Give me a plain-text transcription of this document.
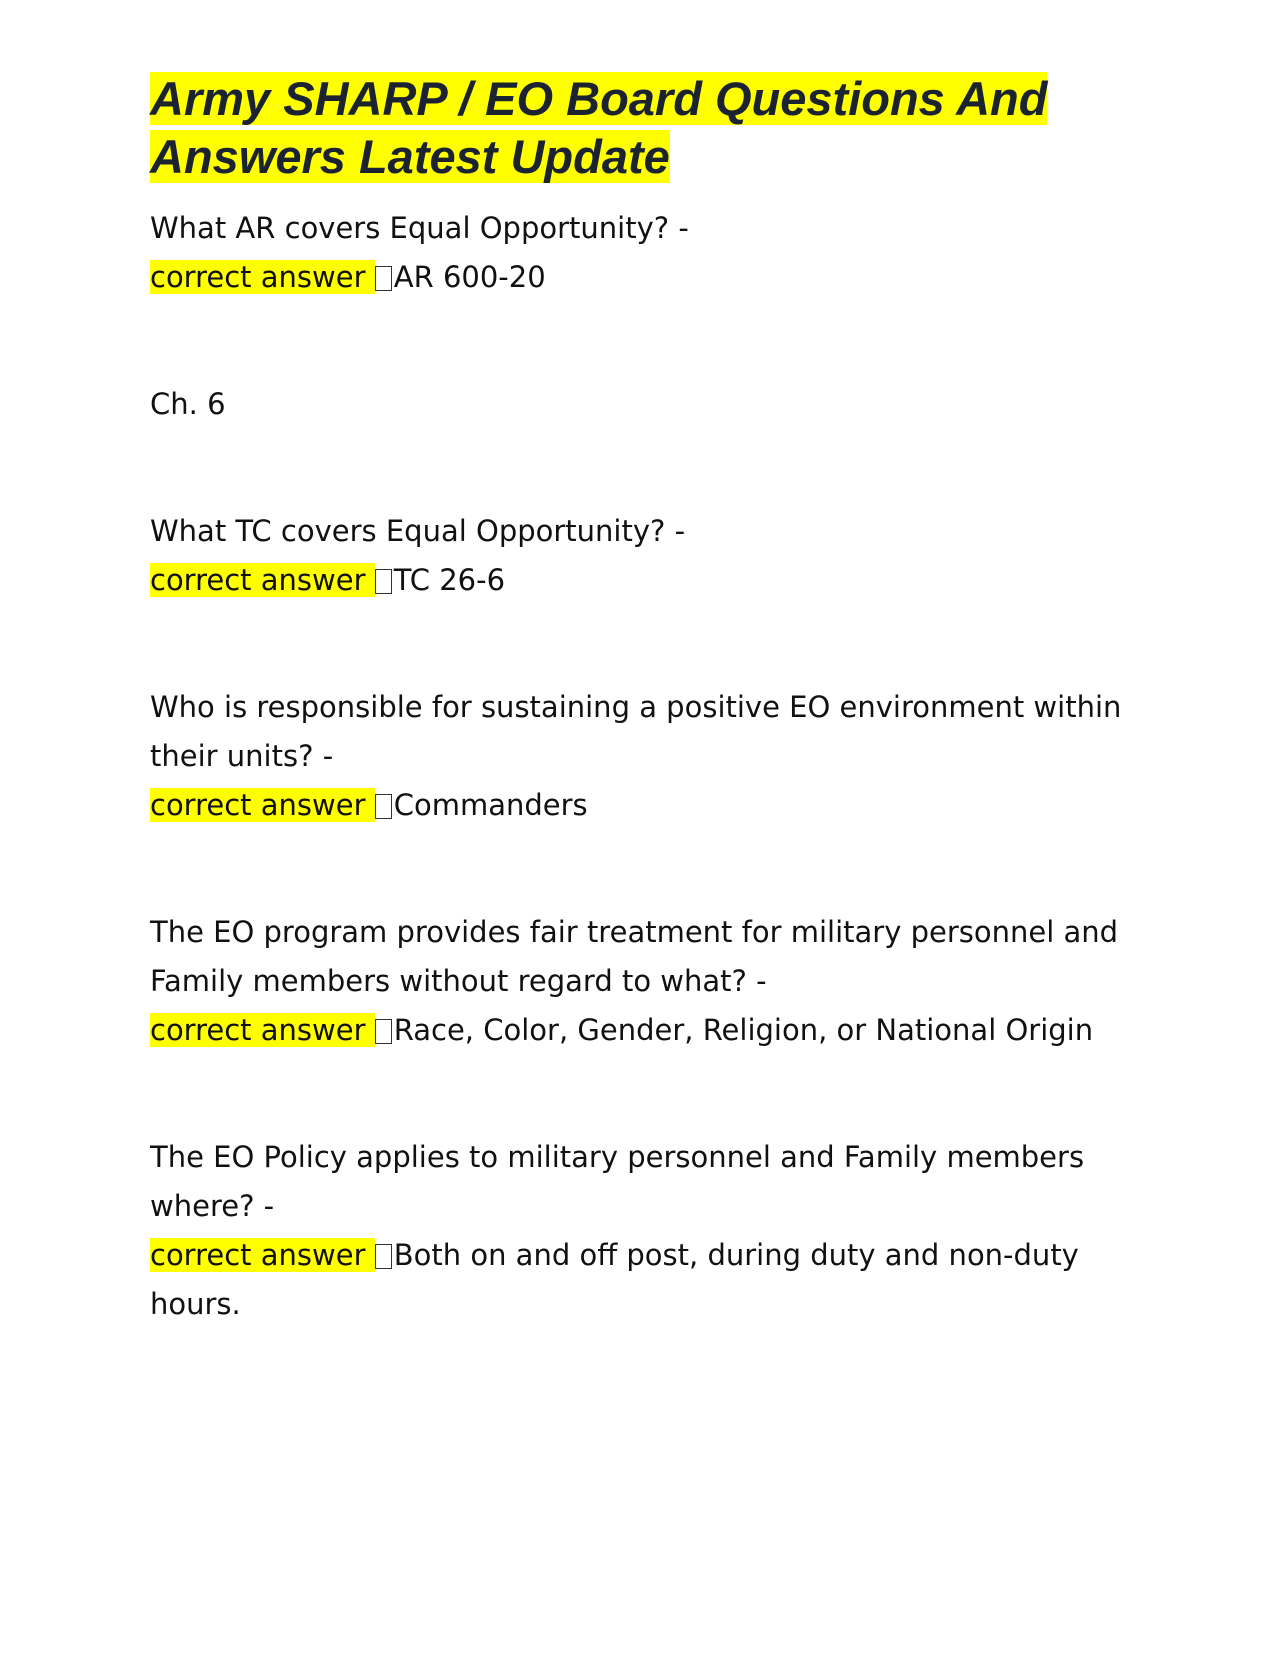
Army SHARP / EO Board Questions And Answers Latest Update

What AR covers Equal Opportunity? -

correct answer AR 600-20

Ch. 6

What TC covers Equal Opportunity? -

correct answer TC 26-6

Who is responsible for sustaining a positive EO environment within their units? -

correct answer Commanders

The EO program provides fair treatment for military personnel and Family members without regard to what? -

correct answer Race, Color, Gender, Religion, or National Origin

The EO Policy applies to military personnel and Family members where? -

correct answer Both on and off post, during duty and non-duty hours.
